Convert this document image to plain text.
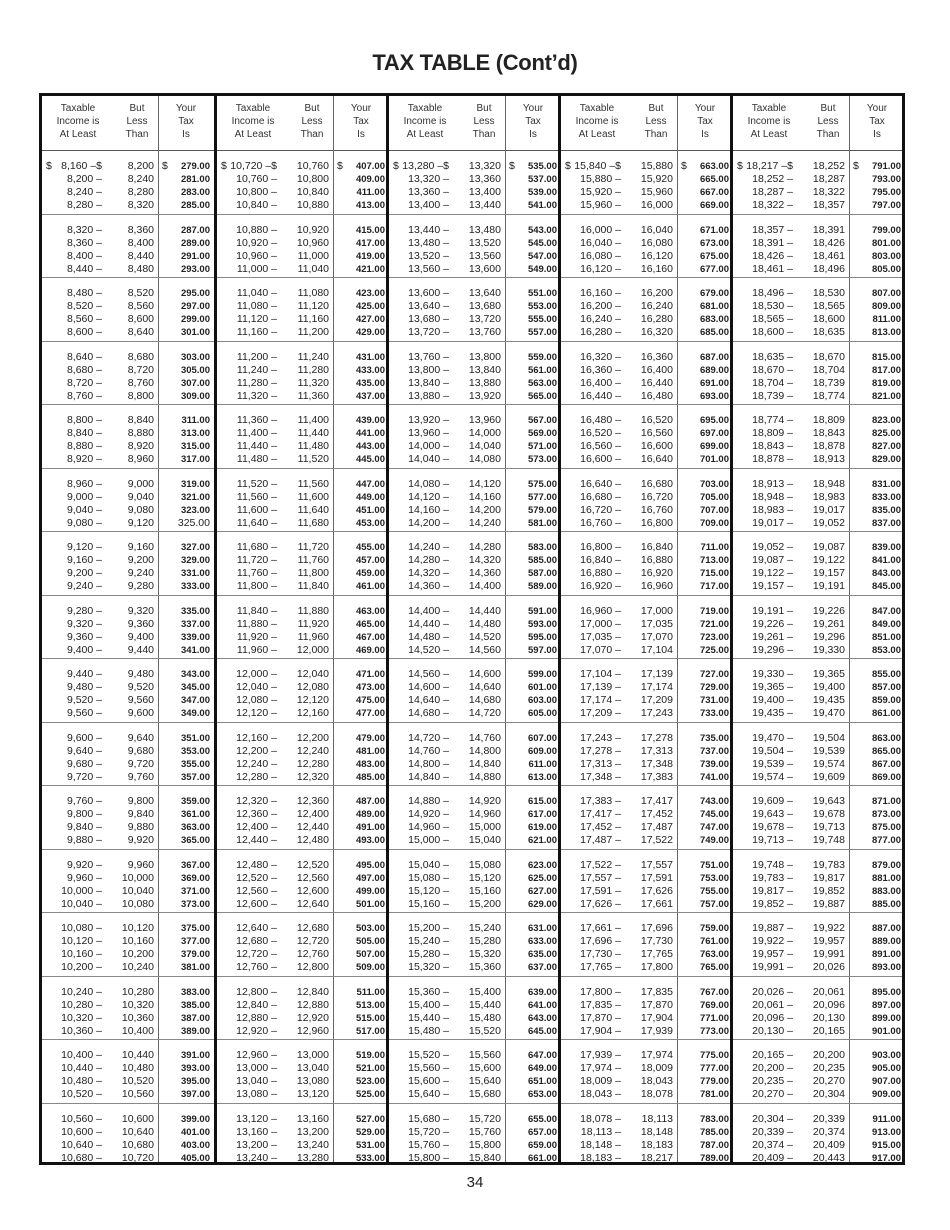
TAX TABLE (Cont’d)
Taxable
Income is
At Least
But
Less
Than
Your
Tax
Is
$	$
8,160 –$	8,200	279.00
8,200 –	8,240	281.00
8,240 –	8,280	283.00
8,280 –	8,320	285.00
8,320 –	8,360	287.00
8,360 –	8,400	289.00
8,400 –	8,440	291.00
8,440 –	8,480	293.00
8,480 –	8,520	295.00
8,520 –	8,560	297.00
8,560 –	8,600	299.00
8,600 –	8,640	301.00
8,640 –	8,680	303.00
8,680 –	8,720	305.00
8,720 –	8,760	307.00
8,760 –	8,800	309.00
8,800 –	8,840	311.00
8,840 –	8,880	313.00
8,880 –	8,920	315.00
8,920 –	8,960	317.00
8,960 –	9,000	319.00
9,000 –	9,040	321.00
9,040 –	9,080	323.00
9,080 –	9,120	325.00
9,120 –	9,160	327.00
9,160 –	9,200	329.00
9,200 –	9,240	331.00
9,240 –	9,280	333.00
9,280 –	9,320	335.00
9,320 –	9,360	337.00
9,360 –	9,400	339.00
9,400 –	9,440	341.00
9,440 –	9,480	343.00
9,480 –	9,520	345.00
9,520 –	9,560	347.00
9,560 –	9,600	349.00
9,600 –	9,640	351.00
9,640 –	9,680	353.00
9,680 –	9,720	355.00
9,720 –	9,760	357.00
9,760 –	9,800	359.00
9,800 –	9,840	361.00
9,840 –	9,880	363.00
9,880 –	9,920	365.00
9,920 –	9,960	367.00
9,960 –	10,000	369.00
10,000 –	10,040	371.00
10,040 –	10,080	373.00
10,080 –	10,120	375.00
10,120 –	10,160	377.00
10,160 –	10,200	379.00
10,200 –	10,240	381.00
10,240 –	10,280	383.00
10,280 –	10,320	385.00
10,320 –	10,360	387.00
10,360 –	10,400	389.00
10,400 –	10,440	391.00
10,440 –	10,480	393.00
10,480 –	10,520	395.00
10,520 –	10,560	397.00
10,560 –	10,600	399.00
10,600 –	10,640	401.00
10,640 –	10,680	403.00
10,680 –	10,720	405.00
Taxable
Income is
At Least
But
Less
Than
Your
Tax
Is
$	$
10,720 –$	10,760	407.00
10,760 –	10,800	409.00
10,800 –	10,840	411.00
10,840 –	10,880	413.00
10,880 –	10,920	415.00
10,920 –	10,960	417.00
10,960 –	11,000	419.00
11,000 –	11,040	421.00
11,040 –	11,080	423.00
11,080 –	11,120	425.00
11,120 –	11,160	427.00
11,160 –	11,200	429.00
11,200 –	11,240	431.00
11,240 –	11,280	433.00
11,280 –	11,320	435.00
11,320 –	11,360	437.00
11,360 –	11,400	439.00
11,400 –	11,440	441.00
11,440 –	11,480	443.00
11,480 –	11,520	445.00
11,520 –	11,560	447.00
11,560 –	11,600	449.00
11,600 –	11,640	451.00
11,640 –	11,680	453.00
11,680 –	11,720	455.00
11,720 –	11,760	457.00
11,760 –	11,800	459.00
11,800 –	11,840	461.00
11,840 –	11,880	463.00
11,880 –	11,920	465.00
11,920 –	11,960	467.00
11,960 –	12,000	469.00
12,000 –	12,040	471.00
12,040 –	12,080	473.00
12,080 –	12,120	475.00
12,120 –	12,160	477.00
12,160 –	12,200	479.00
12,200 –	12,240	481.00
12,240 –	12,280	483.00
12,280 –	12,320	485.00
12,320 –	12,360	487.00
12,360 –	12,400	489.00
12,400 –	12,440	491.00
12,440 –	12,480	493.00
12,480 –	12,520	495.00
12,520 –	12,560	497.00
12,560 –	12,600	499.00
12,600 –	12,640	501.00
12,640 –	12,680	503.00
12,680 –	12,720	505.00
12,720 –	12,760	507.00
12,760 –	12,800	509.00
12,800 –	12,840	511.00
12,840 –	12,880	513.00
12,880 –	12,920	515.00
12,920 –	12,960	517.00
12,960 –	13,000	519.00
13,000 –	13,040	521.00
13,040 –	13,080	523.00
13,080 –	13,120	525.00
13,120 –	13,160	527.00
13,160 –	13,200	529.00
13,200 –	13,240	531.00
13,240 –	13,280	533.00
Taxable
Income is
At Least
But
Less
Than
Your
Tax
Is
$	$
13,280 –$	13,320	535.00
13,320 –	13,360	537.00
13,360 –	13,400	539.00
13,400 –	13,440	541.00
13,440 –	13,480	543.00
13,480 –	13,520	545.00
13,520 –	13,560	547.00
13,560 –	13,600	549.00
13,600 –	13,640	551.00
13,640 –	13,680	553.00
13,680 –	13,720	555.00
13,720 –	13,760	557.00
13,760 –	13,800	559.00
13,800 –	13,840	561.00
13,840 –	13,880	563.00
13,880 –	13,920	565.00
13,920 –	13,960	567.00
13,960 –	14,000	569.00
14,000 –	14,040	571.00
14,040 –	14,080	573.00
14,080 –	14,120	575.00
14,120 –	14,160	577.00
14,160 –	14,200	579.00
14,200 –	14,240	581.00
14,240 –	14,280	583.00
14,280 –	14,320	585.00
14,320 –	14,360	587.00
14,360 –	14,400	589.00
14,400 –	14,440	591.00
14,440 –	14,480	593.00
14,480 –	14,520	595.00
14,520 –	14,560	597.00
14,560 –	14,600	599.00
14,600 –	14,640	601.00
14,640 –	14,680	603.00
14,680 –	14,720	605.00
14,720 –	14,760	607.00
14,760 –	14,800	609.00
14,800 –	14,840	611.00
14,840 –	14,880	613.00
14,880 –	14,920	615.00
14,920 –	14,960	617.00
14,960 –	15,000	619.00
15,000 –	15,040	621.00
15,040 –	15,080	623.00
15,080 –	15,120	625.00
15,120 –	15,160	627.00
15,160 –	15,200	629.00
15,200 –	15,240	631.00
15,240 –	15,280	633.00
15,280 –	15,320	635.00
15,320 –	15,360	637.00
15,360 –	15,400	639.00
15,400 –	15,440	641.00
15,440 –	15,480	643.00
15,480 –	15,520	645.00
15,520 –	15,560	647.00
15,560 –	15,600	649.00
15,600 –	15,640	651.00
15,640 –	15,680	653.00
15,680 –	15,720	655.00
15,720 –	15,760	657.00
15,760 –	15,800	659.00
15,800 –	15,840	661.00
Taxable
Income is
At Least
But
Less
Than
Your
Tax
Is
$	$
15,840 –$	15,880	663.00
15,880 –	15,920	665.00
15,920 –	15,960	667.00
15,960 –	16,000	669.00
16,000 –	16,040	671.00
16,040 –	16,080	673.00
16,080 –	16,120	675.00
16,120 –	16,160	677.00
16,160 –	16,200	679.00
16,200 –	16,240	681.00
16,240 –	16,280	683.00
16,280 –	16,320	685.00
16,320 –	16,360	687.00
16,360 –	16,400	689.00
16,400 –	16,440	691.00
16,440 –	16,480	693.00
16,480 –	16,520	695.00
16,520 –	16,560	697.00
16,560 –	16,600	699.00
16,600 –	16,640	701.00
16,640 –	16,680	703.00
16,680 –	16,720	705.00
16,720 –	16,760	707.00
16,760 –	16,800	709.00
16,800 –	16,840	711.00
16,840 –	16,880	713.00
16,880 –	16,920	715.00
16,920 –	16,960	717.00
16,960 –	17,000	719.00
17,000 –	17,035	721.00
17,035 –	17,070	723.00
17,070 –	17,104	725.00
17,104 –	17,139	727.00
17,139 –	17,174	729.00
17,174 –	17,209	731.00
17,209 –	17,243	733.00
17,243 –	17,278	735.00
17,278 –	17,313	737.00
17,313 –	17,348	739.00
17,348 –	17,383	741.00
17,383 –	17,417	743.00
17,417 –	17,452	745.00
17,452 –	17,487	747.00
17,487 –	17,522	749.00
17,522 –	17,557	751.00
17,557 –	17,591	753.00
17,591 –	17,626	755.00
17,626 –	17,661	757.00
17,661 –	17,696	759.00
17,696 –	17,730	761.00
17,730 –	17,765	763.00
17,765 –	17,800	765.00
17,800 –	17,835	767.00
17,835 –	17,870	769.00
17,870 –	17,904	771.00
17,904 –	17,939	773.00
17,939 –	17,974	775.00
17,974 –	18,009	777.00
18,009 –	18,043	779.00
18,043 –	18,078	781.00
18,078 –	18,113	783.00
18,113 –	18,148	785.00
18,148 –	18,183	787.00
18,183 –	18,217	789.00
Taxable
Income is
At Least
But
Less
Than
Your
Tax
Is
$	$
18,217 –$	18,252	791.00
18,252 –	18,287	793.00
18,287 –	18,322	795.00
18,322 –	18,357	797.00
18,357 –	18,391	799.00
18,391 –	18,426	801.00
18,426 –	18,461	803.00
18,461 –	18,496	805.00
18,496 –	18,530	807.00
18,530 –	18,565	809.00
18,565 –	18,600	811.00
18,600 –	18,635	813.00
18,635 –	18,670	815.00
18,670 –	18,704	817.00
18,704 –	18,739	819.00
18,739 –	18,774	821.00
18,774 –	18,809	823.00
18,809 –	18,843	825.00
18,843 –	18,878	827.00
18,878 –	18,913	829.00
18,913 –	18,948	831.00
18,948 –	18,983	833.00
18,983 –	19,017	835.00
19,017 –	19,052	837.00
19,052 –	19,087	839.00
19,087 –	19,122	841.00
19,122 –	19,157	843.00
19,157 –	19,191	845.00
19,191 –	19,226	847.00
19,226 –	19,261	849.00
19,261 –	19,296	851.00
19,296 –	19,330	853.00
19,330 –	19,365	855.00
19,365 –	19,400	857.00
19,400 –	19,435	859.00
19,435 –	19,470	861.00
19,470 –	19,504	863.00
19,504 –	19,539	865.00
19,539 –	19,574	867.00
19,574 –	19,609	869.00
19,609 –	19,643	871.00
19,643 –	19,678	873.00
19,678 –	19,713	875.00
19,713 –	19,748	877.00
19,748 –	19,783	879.00
19,783 –	19,817	881.00
19,817 –	19,852	883.00
19,852 –	19,887	885.00
19,887 –	19,922	887.00
19,922 –	19,957	889.00
19,957 –	19,991	891.00
19,991 –	20,026	893.00
20,026 –	20,061	895.00
20,061 –	20,096	897.00
20,096 –	20,130	899.00
20,130 –	20,165	901.00
20,165 –	20,200	903.00
20,200 –	20,235	905.00
20,235 –	20,270	907.00
20,270 –	20,304	909.00
20,304 –	20,339	911.00
20,339 –	20,374	913.00
20,374 –	20,409	915.00
20,409 –	20,443	917.00
34
